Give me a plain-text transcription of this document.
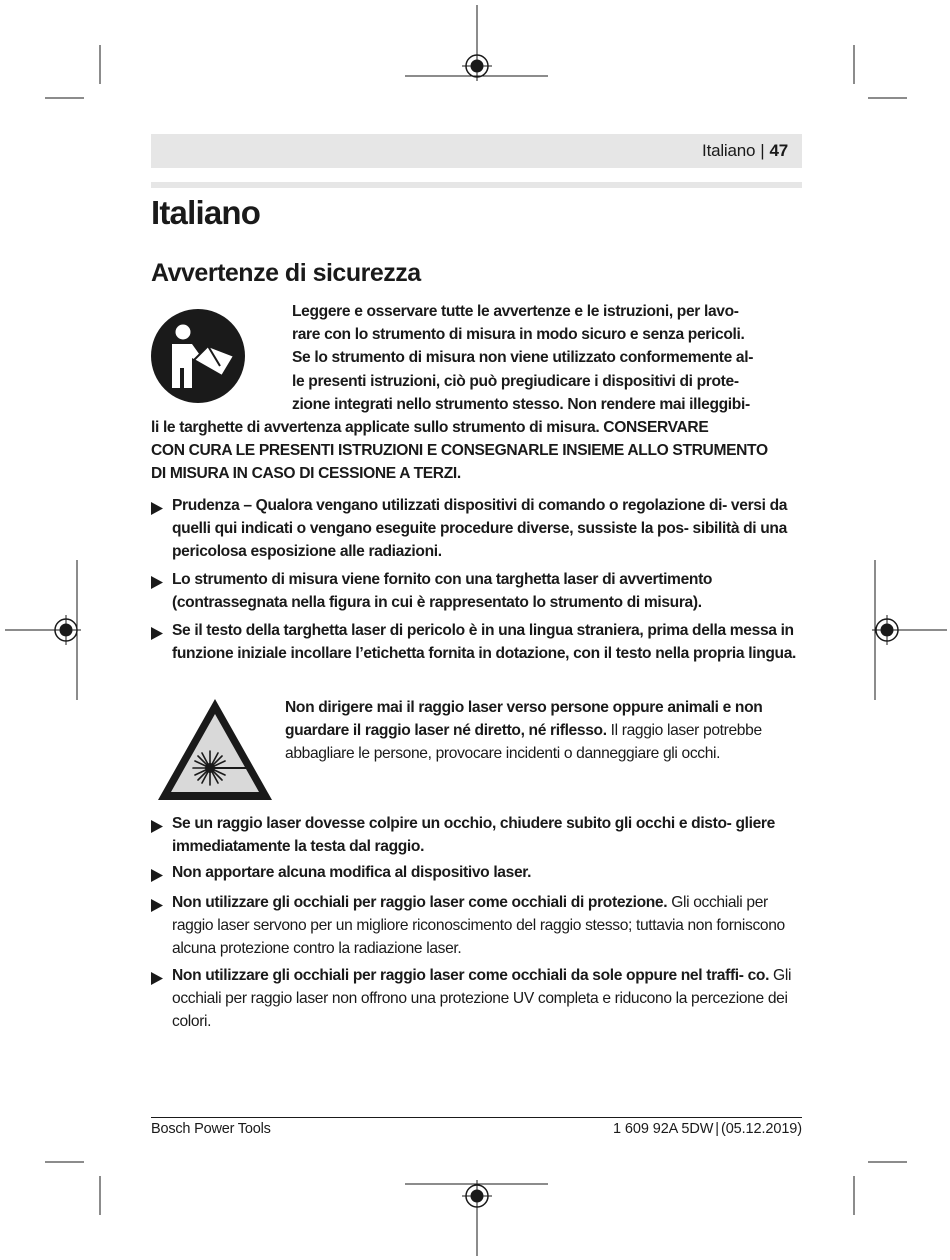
Italiano | 47
Italiano
Avvertenze di sicurezza
Leggere e osservare tutte le avvertenze e le istruzioni, per lavo-
rare con lo strumento di misura in modo sicuro e senza pericoli.
Se lo strumento di misura non viene utilizzato conformemente al-
le presenti istruzioni, ciò può pregiudicare i dispositivi di prote-
zione integrati nello strumento stesso. Non rendere mai illeggibi-
li le targhette di avvertenza applicate sullo strumento di misura. CONSERVARE
CON CURA LE PRESENTI ISTRUZIONI E CONSEGNARLE INSIEME ALLO STRUMENTO
DI MISURA IN CASO DI CESSIONE A TERZI.
Prudenza – Qualora vengano utilizzati dispositivi di comando o regolazione di- versi da quelli qui indicati o vengano eseguite procedure diverse, sussiste la pos- sibilità di una pericolosa esposizione alle radiazioni.
Lo strumento di misura viene fornito con una targhetta laser di avvertimento (contrassegnata nella figura in cui è rappresentato lo strumento di misura).
Se il testo della targhetta laser di pericolo è in una lingua straniera, prima della messa in funzione iniziale incollare l’etichetta fornita in dotazione, con il testo nella propria lingua.
Non dirigere mai il raggio laser verso persone oppure animali e non guardare il raggio laser né diretto, né riflesso. Il raggio laser potrebbe abbagliare le persone, provocare incidenti o danneggiare gli occhi.
Se un raggio laser dovesse colpire un occhio, chiudere subito gli occhi e disto- gliere immediatamente la testa dal raggio.
Non apportare alcuna modifica al dispositivo laser.
Non utilizzare gli occhiali per raggio laser come occhiali di protezione. Gli occhiali per raggio laser servono per un migliore riconoscimento del raggio stesso; tuttavia non forniscono alcuna protezione contro la radiazione laser.
Non utilizzare gli occhiali per raggio laser come occhiali da sole oppure nel traffi- co. Gli occhiali per raggio laser non offrono una protezione UV completa e riducono la percezione dei colori.
Bosch Power Tools	1 609 92A 5DW | (05.12.2019)
